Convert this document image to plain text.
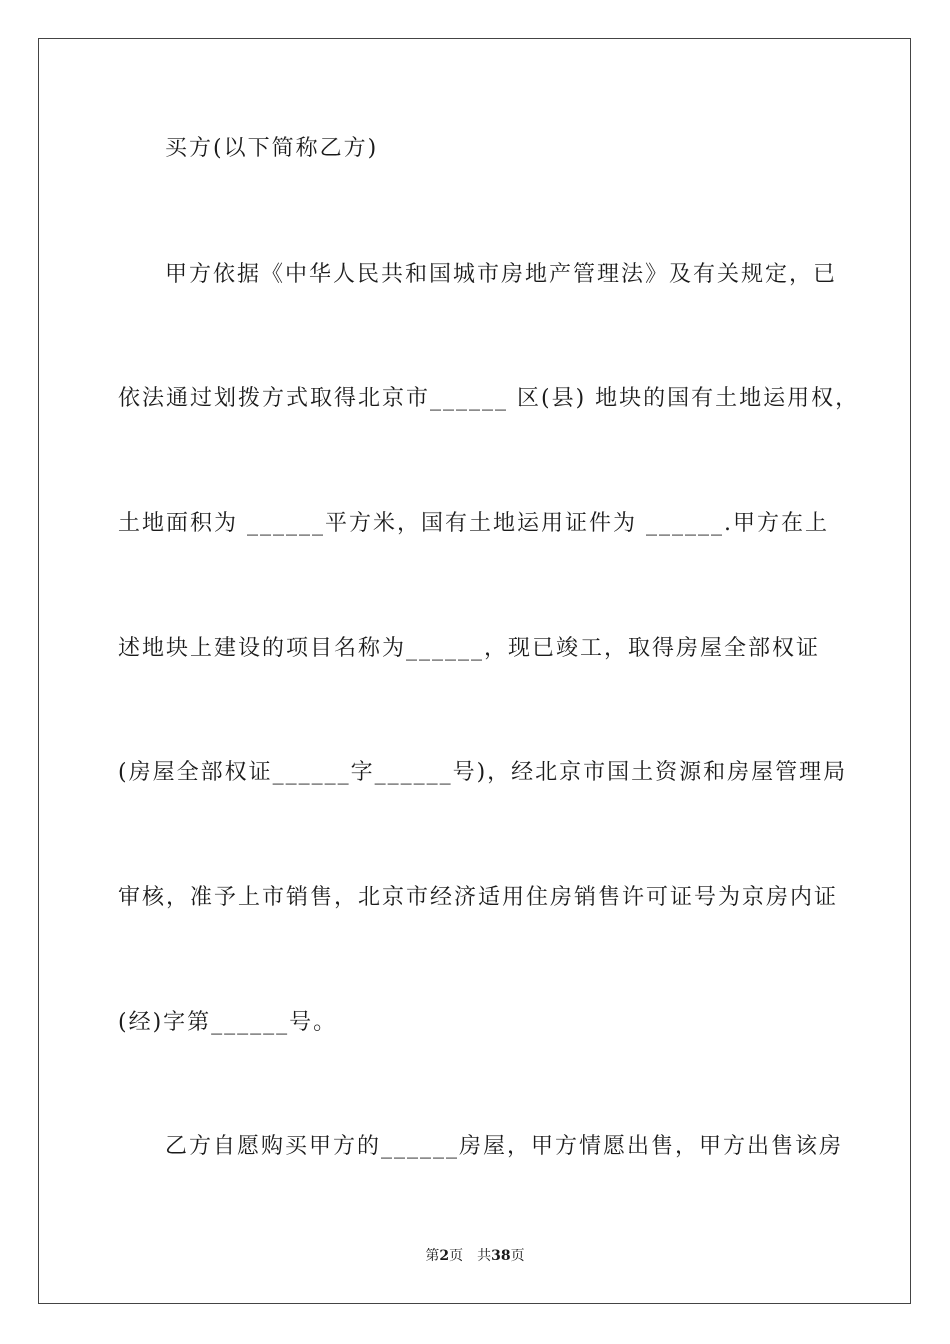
买方(以下简称乙方)
甲方依据《中华人民共和国城市房地产管理法》及有关规定，已
依法通过划拨方式取得北京市______ 区(县) 地块的国有土地运用权，
土地面积为 ______平方米，国有土地运用证件为 ______.甲方在上
述地块上建设的项目名称为______，现已竣工，取得房屋全部权证
(房屋全部权证______字______号)，经北京市国土资源和房屋管理局
审核，准予上市销售，北京市经济适用住房销售许可证号为京房内证
(经)字第______号。
乙方自愿购买甲方的______房屋，甲方情愿出售，甲方出售该房
第2页　共38页
